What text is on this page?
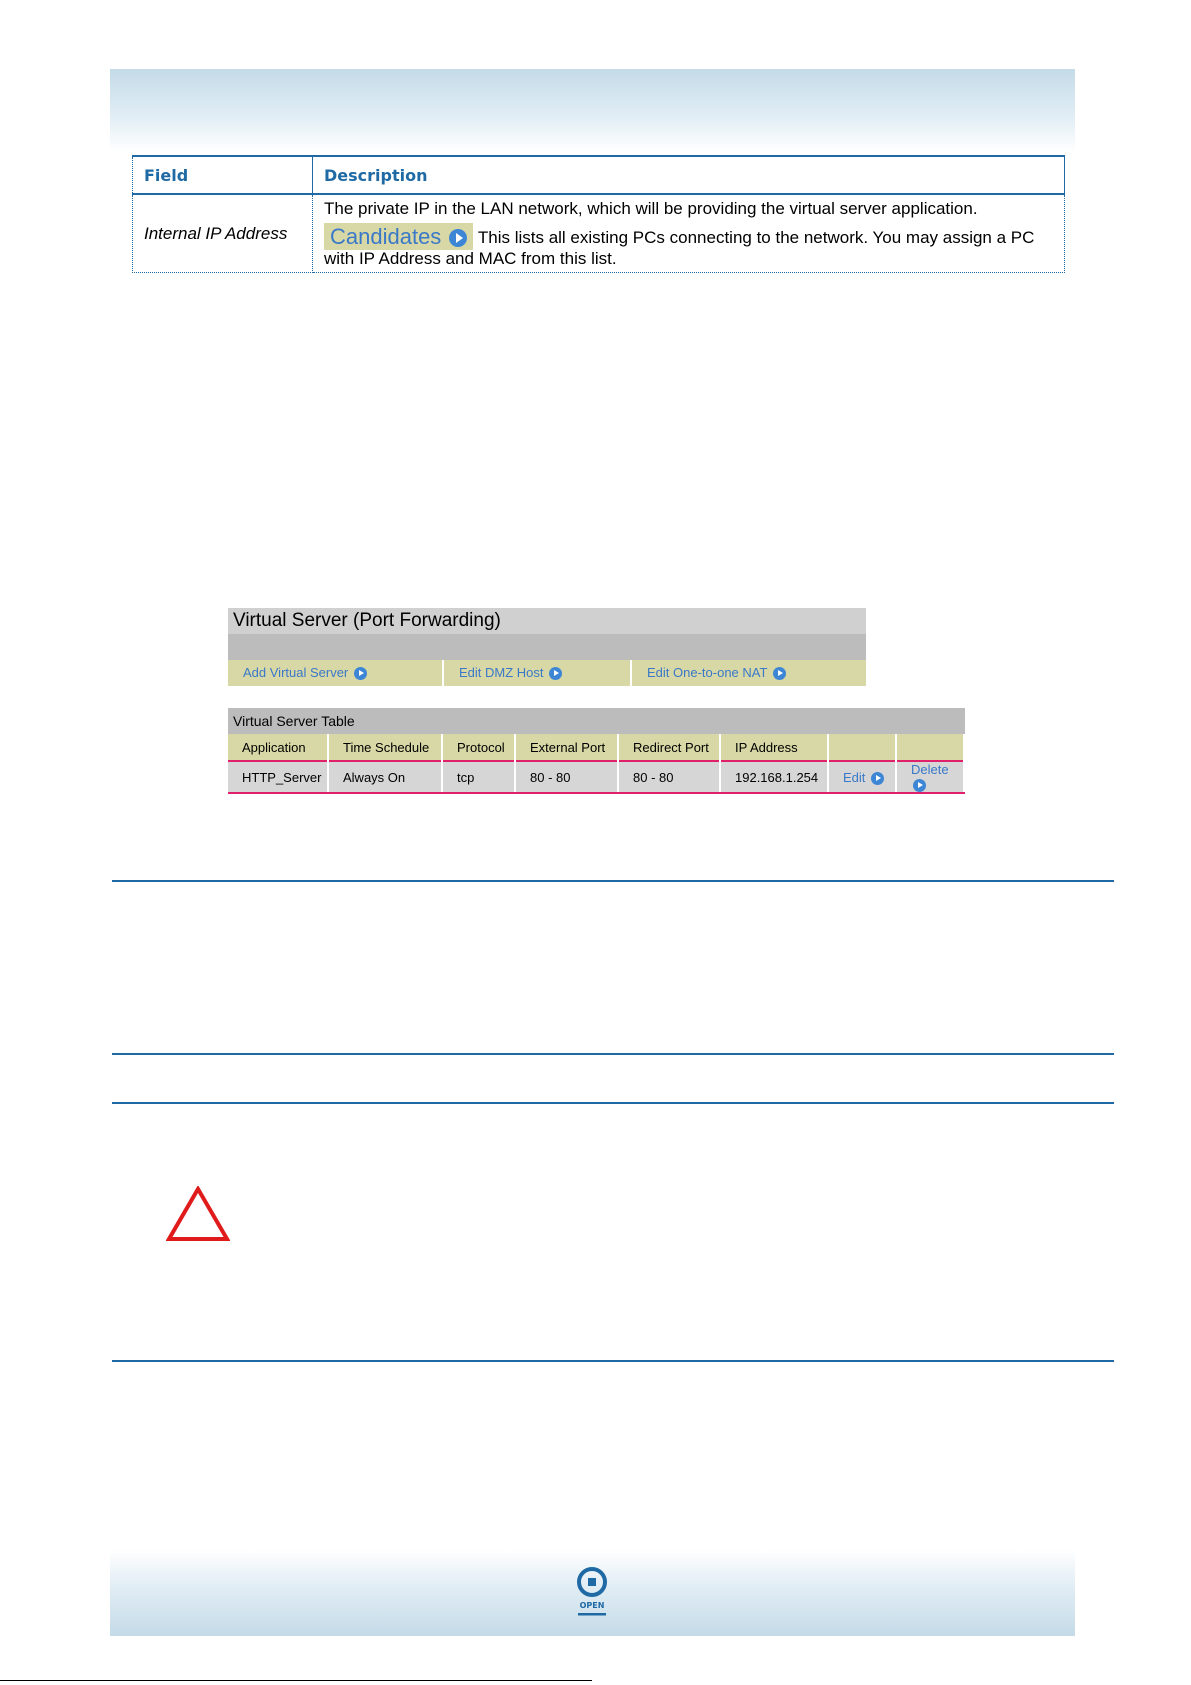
Field	Description
Internal IP Address	The private IP in the LAN network, which will be providing the virtual server application.
Candidates  This lists all existing PCs connecting to the network. You may assign a PC with IP Address and MAC from this list.
Virtual Server (Port Forwarding)
Add Virtual Server	Edit DMZ Host	Edit One-to-one NAT
Virtual Server Table
Application	Time Schedule	Protocol	External Port	Redirect Port	IP Address		
HTTP_Server	Always On	tcp	80 - 80	80 - 80	192.168.1.254	Edit	Delete
OPEN
